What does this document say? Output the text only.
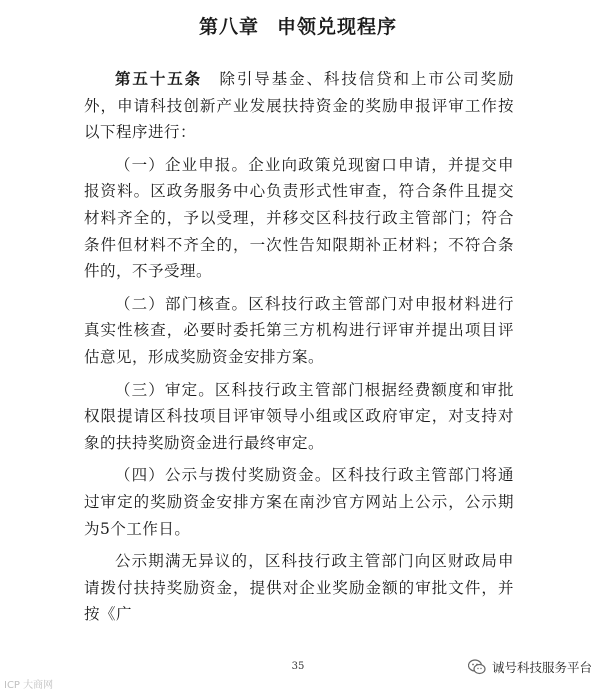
第八章 申领兑现程序

第五十五条　 除引导基金、科技信贷和上市公司奖励外，申请科技创新产业发展扶持资金的奖励申报评审工作按以下程序进行：

（一）企业申报。企业向政策兑现窗口申请，并提交申报资料。区政务服务中心负责形式性审查，符合条件且提交材料齐全的，予以受理，并移交区科技行政主管部门；符合条件但材料不齐全的，一次性告知限期补正材料；不符合条件的，不予受理。

（二）部门核查。区科技行政主管部门对申报材料进行真实性核查，必要时委托第三方机构进行评审并提出项目评估意见，形成奖励资金安排方案。

（三）审定。区科技行政主管部门根据经费额度和审批权限提请区科技项目评审领导小组或区政府审定，对支持对象的扶持奖励资金进行最终审定。

（四）公示与拨付奖励资金。区科技行政主管部门将通过审定的奖励资金安排方案在南沙官方网站上公示，公示期为5个工作日。

公示期满无异议的，区科技行政主管部门向区财政局申请拨付扶持奖励资金，提供对企业奖励金额的审批文件，并按《广

35
ICP 大商网
诚号科技服务平台
